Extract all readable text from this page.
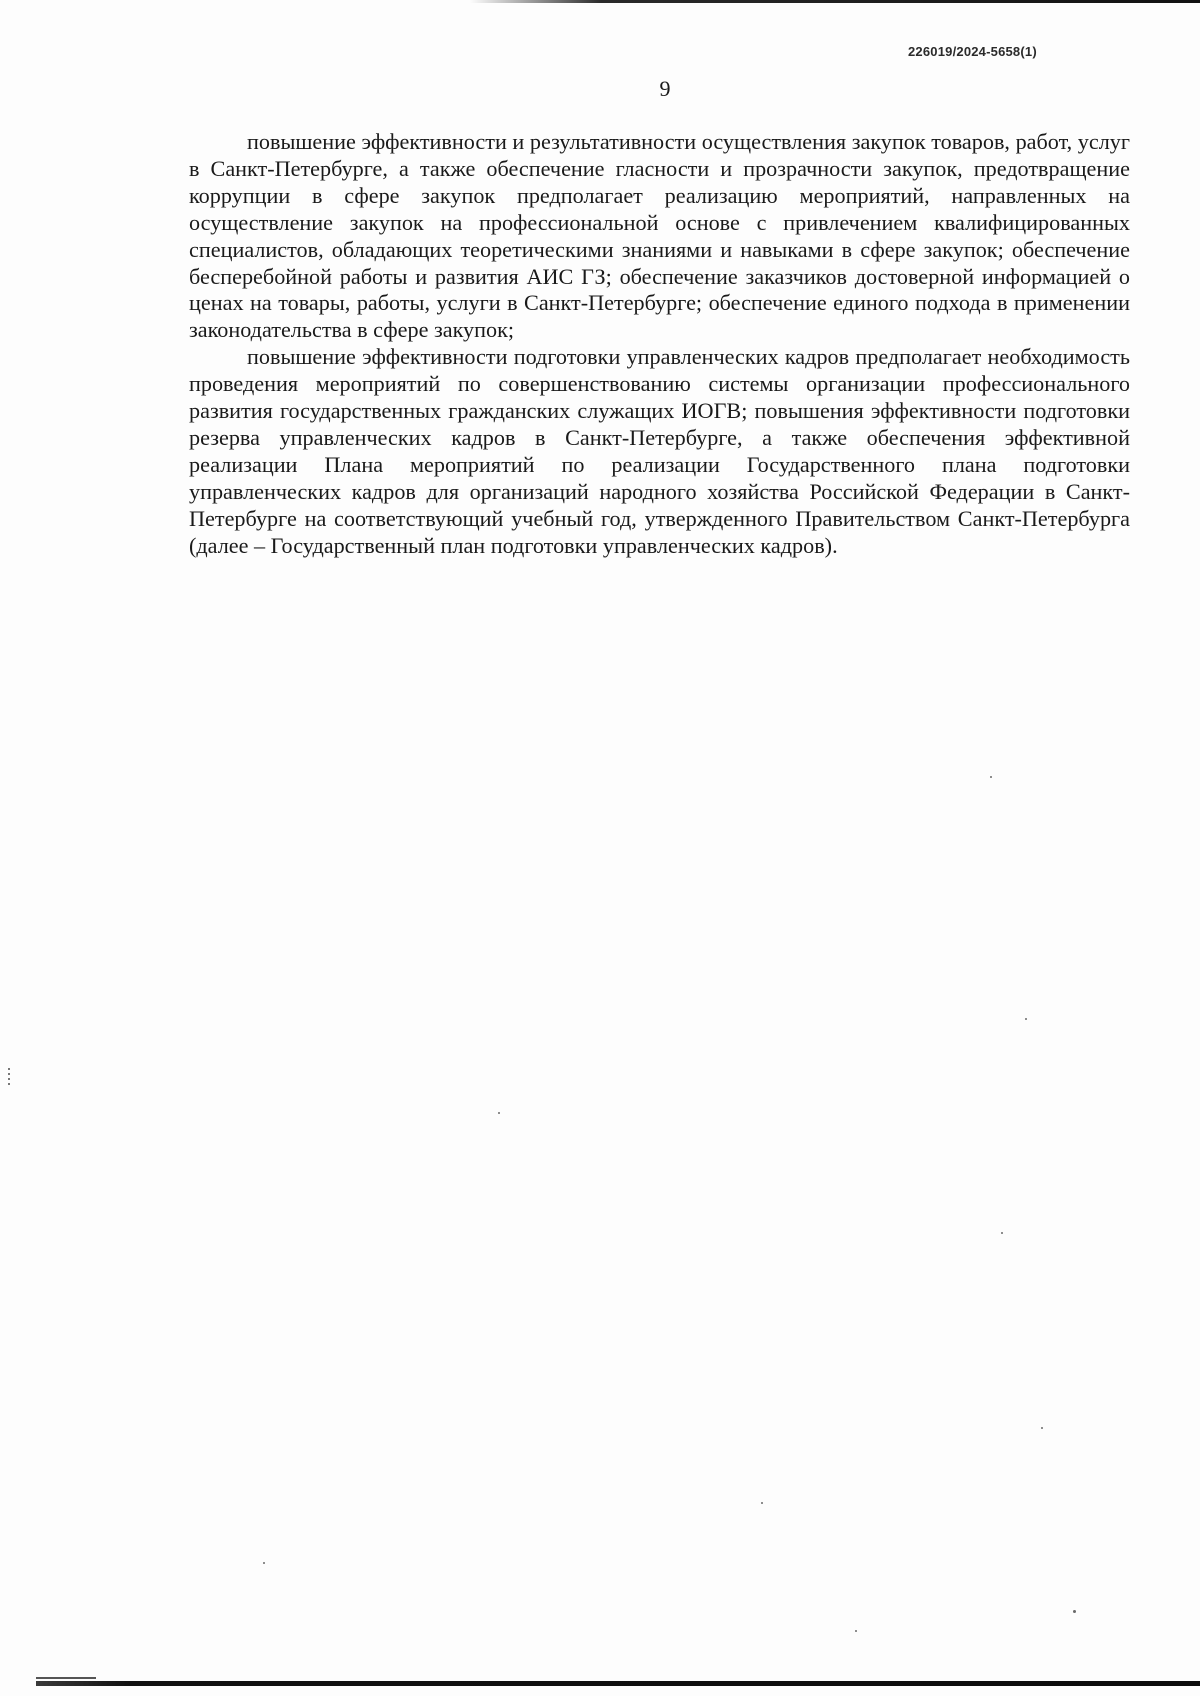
226019/2024-5658(1)
9

повышение эффективности и результативности осуществления закупок товаров, работ, услуг в Санкт-Петербурге, а также обеспечение гласности и прозрачности закупок, предотвращение коррупции в сфере закупок предполагает реализацию мероприятий, направленных на осуществление закупок на профессиональной основе с привлечением квалифицированных специалистов, обладающих теоретическими знаниями и навыками в сфере закупок; обеспечение бесперебойной работы и развития АИС ГЗ; обеспечение заказчиков достоверной информацией о ценах на товары, работы, услуги в Санкт-Петербурге; обеспечение единого подхода в применении законодательства в сфере закупок;

повышение эффективности подготовки управленческих кадров предполагает необходимость проведения мероприятий по совершенствованию системы организации профессионального развития государственных гражданских служащих ИОГВ; повышения эффективности подготовки резерва управленческих кадров в Санкт-Петербурге, а также обеспечения эффективной реализации Плана мероприятий по реализации Государственного плана подготовки управленческих кадров для организаций народного хозяйства Российской Федерации в Санкт-Петербурге на соответствующий учебный год, утвержденного Правительством Санкт-Петербурга (далее – Государственный план подготовки управленческих кадров).
